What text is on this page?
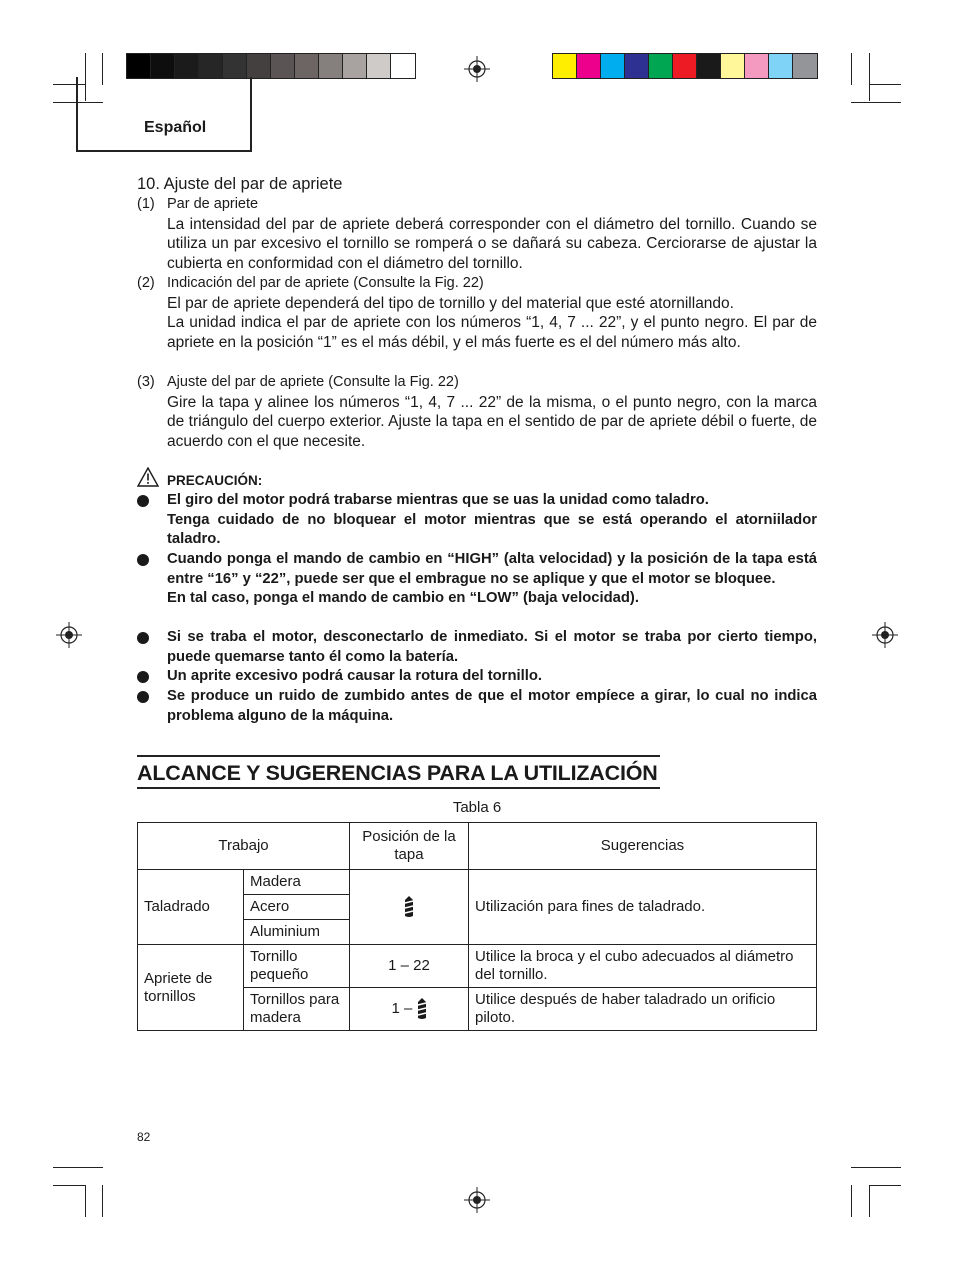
Español
10. Ajuste del par de apriete
(1) Par de apriete

La intensidad del par de apriete deberá corresponder con el diámetro del tornillo. Cuando se utiliza un par excesivo el tornillo se romperá o se dañará su cabeza. Cerciorarse de ajustar la cubierta en conformidad con el diámetro del tornillo.

(2) Indicación del par de apriete (Consulte la Fig. 22)

El par de apriete dependerá del tipo de tornillo y del material que esté atornillando.

La unidad indica el par de apriete con los números “1, 4, 7 ... 22”, y el punto negro. El par de apriete en la posición “1” es el más débil, y el más fuerte es el del número más alto.

(3) Ajuste del par de apriete (Consulte la Fig. 22)

Gire la tapa y alinee los números “1, 4, 7 ... 22” de la misma, o el punto negro, con la marca de triángulo del cuerpo exterior. Ajuste la tapa en el sentido de par de apriete débil o fuerte, de acuerdo con el que necesite.

PRECAUCIÓN:

El giro del motor podrá trabarse mientras que se uas la unidad como taladro.

Tenga cuidado de no bloquear el motor mientras que se está operando el atorniilador taladro.

Cuando ponga el mando de cambio en “HIGH” (alta velocidad) y la posición de la tapa está entre “16” y “22”, puede ser que el embrague no se aplique y que el motor se bloquee.

En tal caso, ponga el mando de cambio en “LOW” (baja velocidad).

Si se traba el motor, desconectarlo de inmediato. Si el motor se traba por cierto tiempo, puede quemarse tanto él como la batería.

Un aprite excesivo podrá causar la rotura del tornillo.

Se produce un ruido de zumbido antes de que el motor empíece a girar, lo cual no indica problema alguno de la máquina.

ALCANCE Y SUGERENCIAS PARA LA UTILIZACIÓN
Tabla 6
Trabajo		Posición de la tapa	Sugerencias
Taladrado	Madera		Utilización para fines de taladrado.
	Acero		
	Aluminium		
Apriete de tornillos	Tornillo pequeño	1 – 22	Utilice la broca y el cubo adecuados al diámetro del tornillo.
	Tornillos para madera	1 –	Utilice después de haber taladrado un orificio piloto.
82
